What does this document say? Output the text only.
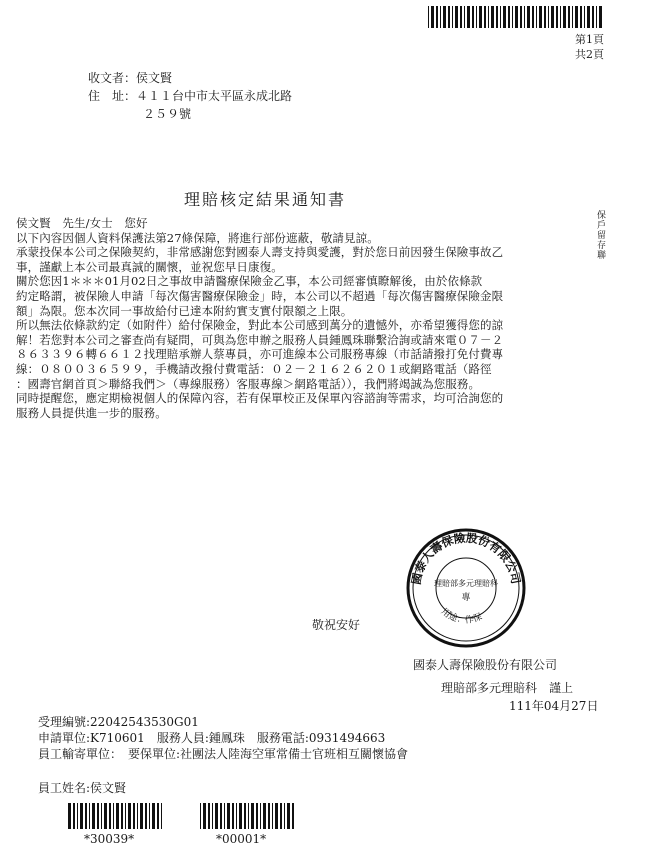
第1頁
共2頁
收文者：侯文賢
住　址：４１１台中市太平區永成北路
２５９號
理賠核定結果通知書
保戶留存聯
侯文賢　先生/女士　您好
以下內容因個人資料保護法第27條保障，將進行部份遮蔽，敬請見諒。
承蒙投保本公司之保險契約，非常感謝您對國泰人壽支持與愛護，對於您日前因發生保險事故乙
事，謹獻上本公司最真誠的關懷，並祝您早日康復。
關於您因1＊＊＊01月02日之事故申請醫療保險金乙事，本公司經審慎瞭解後，由於依條款
約定略謂，被保險人申請「每次傷害醫療保險金」時，本公司以不超過「每次傷害醫療保險金限
額」為限。您本次同一事故給付已達本附約實支實付限額之上限。
所以無法依條款約定（如附件）給付保險金，對此本公司感到萬分的遺憾外，亦希望獲得您的諒
解！若您對本公司之審查尚有疑問，可與為您申辦之服務人員鍾鳳珠聯繫洽詢或請來電０７－２
８６３３９６轉６６１２找理賠承辦人蔡專員，亦可進線本公司服務專線（市話請撥打免付費專
線：０８００３６５９９，手機請改撥付費電話：０２－２１６２６２０１或網路電話（路徑
：國壽官網首頁＞聯絡我們＞（專線服務）客服專線＞網路電話）），我們將竭誠為您服務。
同時提醒您，應定期檢視個人的保障內容，若有保單校正及保單內容諮詢等需求，均可洽詢您的
服務人員提供進一步的服務。
國泰人壽保險股份有限公司
用途：作保
理賠部多元理賠科
專
敬祝安好
國泰人壽保險股份有限公司
理賠部多元理賠科　謹上
111年04月27日
受理編號:22042543530G01
申請單位:K710601　服務人員:鍾鳳珠　服務電話:0931494663
員工輸寄單位：　要保單位:社團法人陸海空軍常備士官班相互關懷協會
員工姓名:侯文賢
*30039*	*00001*
